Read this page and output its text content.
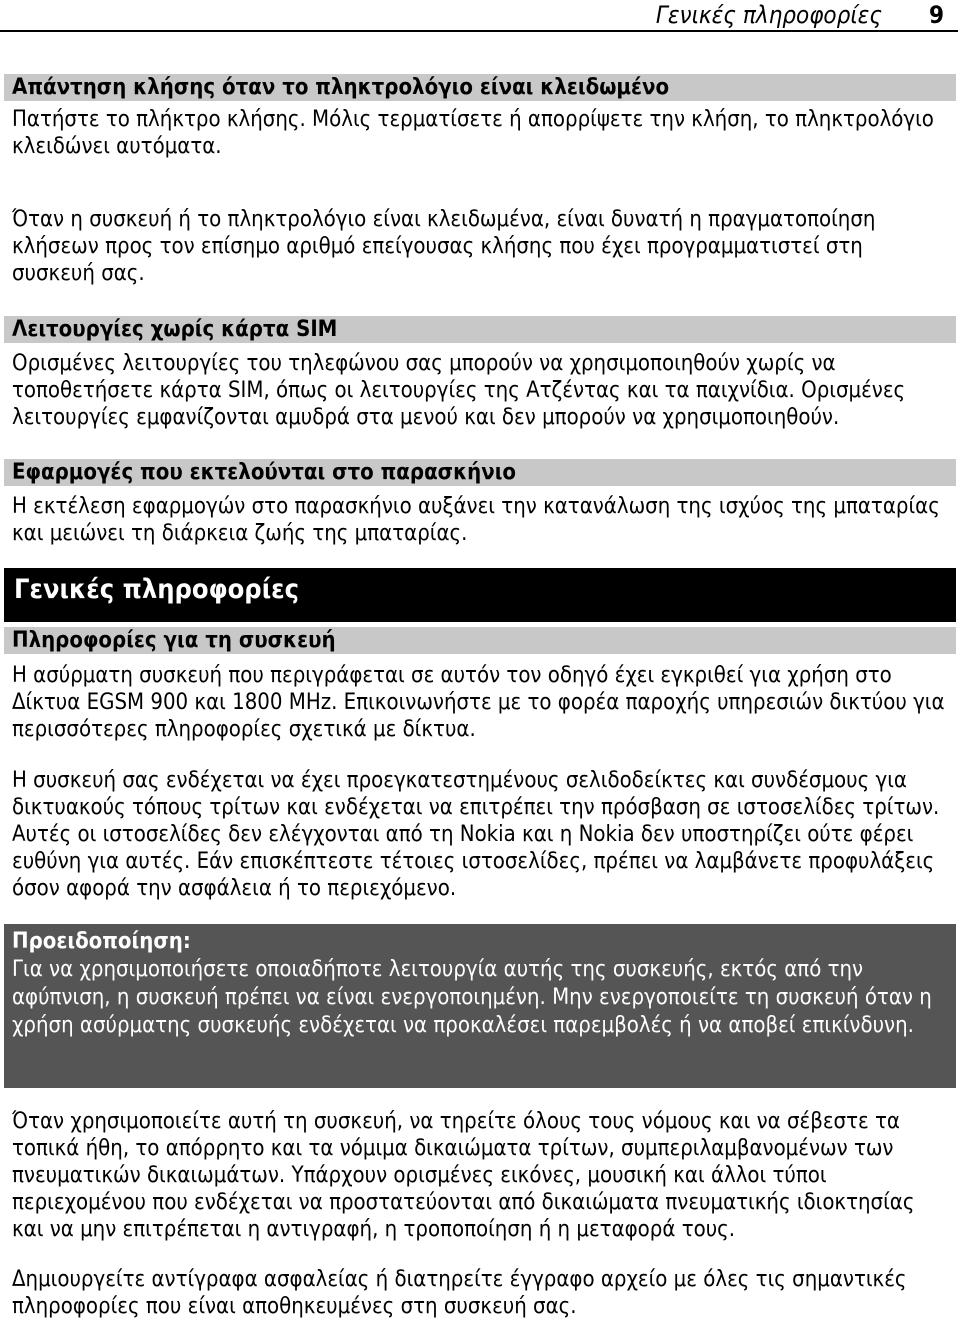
Γενικές πληροφορίες 9
Απάντηση κλήσης όταν το πληκτρολόγιο είναι κλειδωμένο

Πατήστε το πλήκτρο κλήσης. Μόλις τερματίσετε ή απορρίψετε την κλήση, το πληκτρολόγιο κλειδώνει αυτόματα.

Όταν η συσκευή ή το πληκτρολόγιο είναι κλειδωμένα, είναι δυνατή η πραγματοποίηση κλήσεων προς τον επίσημο αριθμό επείγουσας κλήσης που έχει προγραμματιστεί στη συσκευή σας.

Λειτουργίες χωρίς κάρτα SIM

Ορισμένες λειτουργίες του τηλεφώνου σας μπορούν να χρησιμοποιηθούν χωρίς να τοποθετήσετε κάρτα SIM, όπως οι λειτουργίες της Ατζέντας και τα παιχνίδια. Ορισμένες λειτουργίες εμφανίζονται αμυδρά στα μενού και δεν μπορούν να χρησιμοποιηθούν.

Εφαρμογές που εκτελούνται στο παρασκήνιο

Η εκτέλεση εφαρμογών στο παρασκήνιο αυξάνει την κατανάλωση της ισχύος της μπαταρίας και μειώνει τη διάρκεια ζωής της μπαταρίας.

Γενικές πληροφορίες
Πληροφορίες για τη συσκευή

Η ασύρματη συσκευή που περιγράφεται σε αυτόν τον οδηγό έχει εγκριθεί για χρήση στο Δίκτυα EGSM 900 και 1800 MHz. Επικοινωνήστε με το φορέα παροχής υπηρεσιών δικτύου για περισσότερες πληροφορίες σχετικά με δίκτυα.

Η συσκευή σας ενδέχεται να έχει προεγκατεστημένους σελιδοδείκτες και συνδέσμους για δικτυακούς τόπους τρίτων και ενδέχεται να επιτρέπει την πρόσβαση σε ιστοσελίδες τρίτων. Αυτές οι ιστοσελίδες δεν ελέγχονται από τη Nokia και η Nokia δεν υποστηρίζει ούτε φέρει ευθύνη για αυτές. Εάν επισκέπτεστε τέτοιες ιστοσελίδες, πρέπει να λαμβάνετε προφυλάξεις όσον αφορά την ασφάλεια ή το περιεχόμενο.

Προειδοποίηση:

Για να χρησιμοποιήσετε οποιαδήποτε λειτουργία αυτής της συσκευής, εκτός από την αφύπνιση, η συσκευή πρέπει να είναι ενεργοποιημένη. Μην ενεργοποιείτε τη συσκευή όταν η χρήση ασύρματης συσκευής ενδέχεται να προκαλέσει παρεμβολές ή να αποβεί επικίνδυνη.

Όταν χρησιμοποιείτε αυτή τη συσκευή, να τηρείτε όλους τους νόμους και να σέβεστε τα τοπικά ήθη, το απόρρητο και τα νόμιμα δικαιώματα τρίτων, συμπεριλαμβανομένων των πνευματικών δικαιωμάτων. Υπάρχουν ορισμένες εικόνες, μουσική και άλλοι τύποι περιεχομένου που ενδέχεται να προστατεύονται από δικαιώματα πνευματικής ιδιοκτησίας και να μην επιτρέπεται η αντιγραφή, η τροποποίηση ή η μεταφορά τους.

Δημιουργείτε αντίγραφα ασφαλείας ή διατηρείτε έγγραφο αρχείο με όλες τις σημαντικές πληροφορίες που είναι αποθηκευμένες στη συσκευή σας.
